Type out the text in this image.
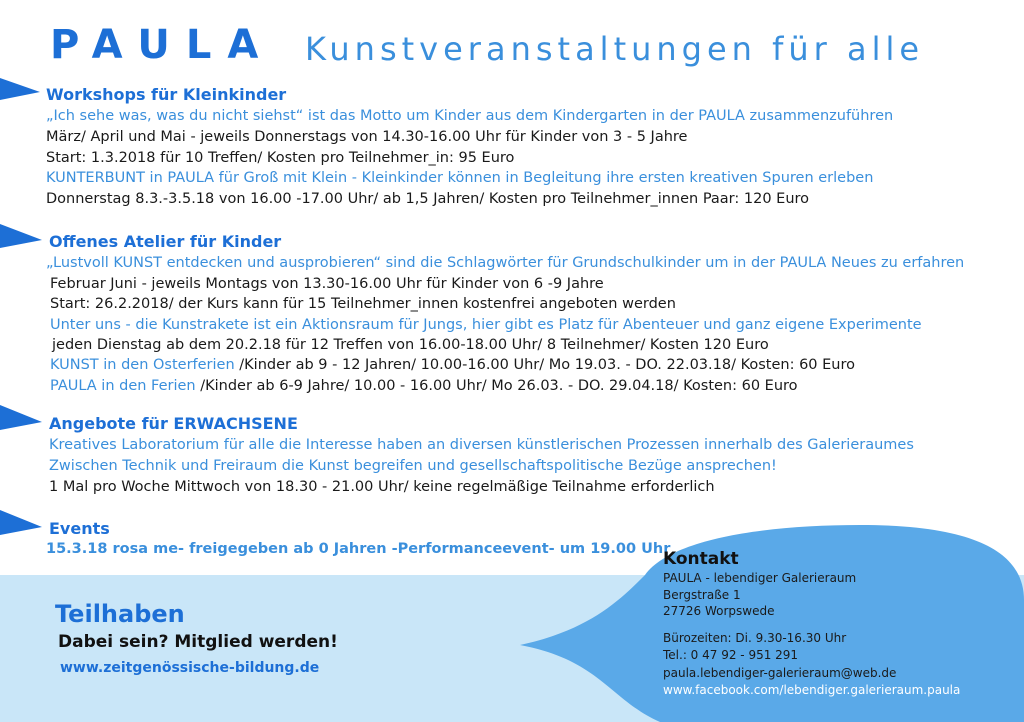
PAULA Kunstveranstaltungen für alle
Workshops für Kleinkinder
„Ich sehe was, was du nicht siehst“ ist das Motto um Kinder aus dem Kindergarten in der PAULA zusammenzuführen
März/ April und Mai - jeweils Donnerstags von 14.30-16.00 Uhr für Kinder von 3 - 5 Jahre
Start: 1.3.2018 für 10 Treffen/ Kosten pro Teilnehmer_in: 95 Euro
KUNTERBUNT in PAULA für Groß mit Klein - Kleinkinder können in Begleitung ihre ersten kreativen Spuren erleben
Donnerstag 8.3.-3.5.18 von 16.00 -17.00 Uhr/ ab 1,5 Jahren/ Kosten pro Teilnehmer_innen Paar: 120 Euro
Offenes Atelier für Kinder
„Lustvoll KUNST entdecken und ausprobieren“ sind die Schlagwörter für Grundschulkinder um in der PAULA Neues zu erfahren
Februar Juni - jeweils Montags von 13.30-16.00 Uhr für Kinder von 6 -9 Jahre
Start: 26.2.2018/ der Kurs kann für 15 Teilnehmer_innen kostenfrei angeboten werden
Unter uns - die Kunstrakete ist ein Aktionsraum für Jungs, hier gibt es Platz für Abenteuer und ganz eigene Experimente
jeden Dienstag ab dem 20.2.18 für 12 Treffen von 16.00-18.00 Uhr/ 8 Teilnehmer/ Kosten 120 Euro
KUNST in den Osterferien /Kinder ab 9 - 12 Jahren/ 10.00-16.00 Uhr/ Mo 19.03. - DO. 22.03.18/ Kosten: 60 Euro
PAULA in den Ferien /Kinder ab 6-9 Jahre/ 10.00 - 16.00 Uhr/ Mo 26.03. - DO. 29.04.18/ Kosten: 60 Euro
Angebote für ERWACHSENE
Kreatives Laboratorium für alle die Interesse haben an diversen künstlerischen Prozessen innerhalb des Galerieraumes
Zwischen Technik und Freiraum die Kunst begreifen und gesellschaftspolitische Bezüge ansprechen!
1 Mal pro Woche Mittwoch von 18.30 - 21.00 Uhr/ keine regelmäßige Teilnahme erforderlich
Events
15.3.18 rosa me- freigegeben ab 0 Jahren -Performanceevent- um 19.00 Uhr
Teilhaben
Dabei sein? Mitglied werden!
www.zeitgenössische-bildung.de
Kontakt
PAULA - lebendiger Galerieraum
Bergstraße 1
27726 Worpswede
Bürozeiten: Di. 9.30-16.30 Uhr
Tel.: 0 47 92 - 951 291
paula.lebendiger-galerieraum@web.de
www.facebook.com/lebendiger.galerieraum.paula
